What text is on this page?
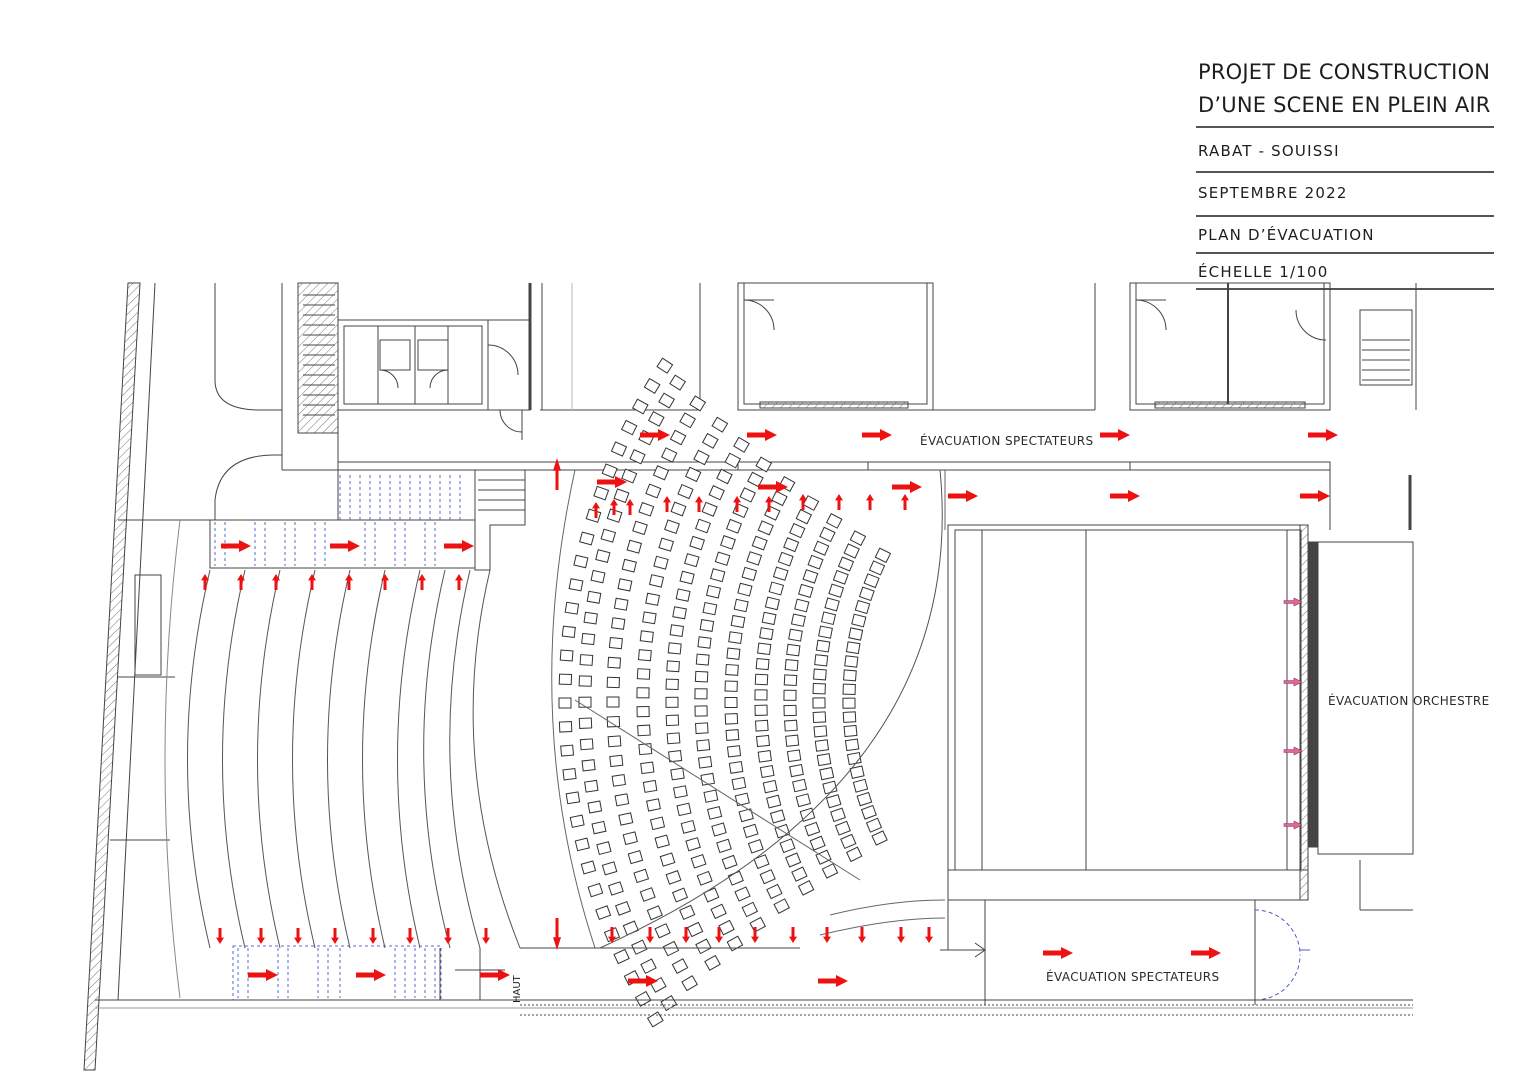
PROJET DE CONSTRUCTION
D’UNE SCENE EN PLEIN AIR
RABAT - SOUISSI
SEPTEMBRE 2022
PLAN D’ÉVACUATION
ÉCHELLE 1/100
HAUT
ÉVACUATION SPECTATEURS
ÉVACUATION SPECTATEURS
ÉVACUATION ORCHESTRE
